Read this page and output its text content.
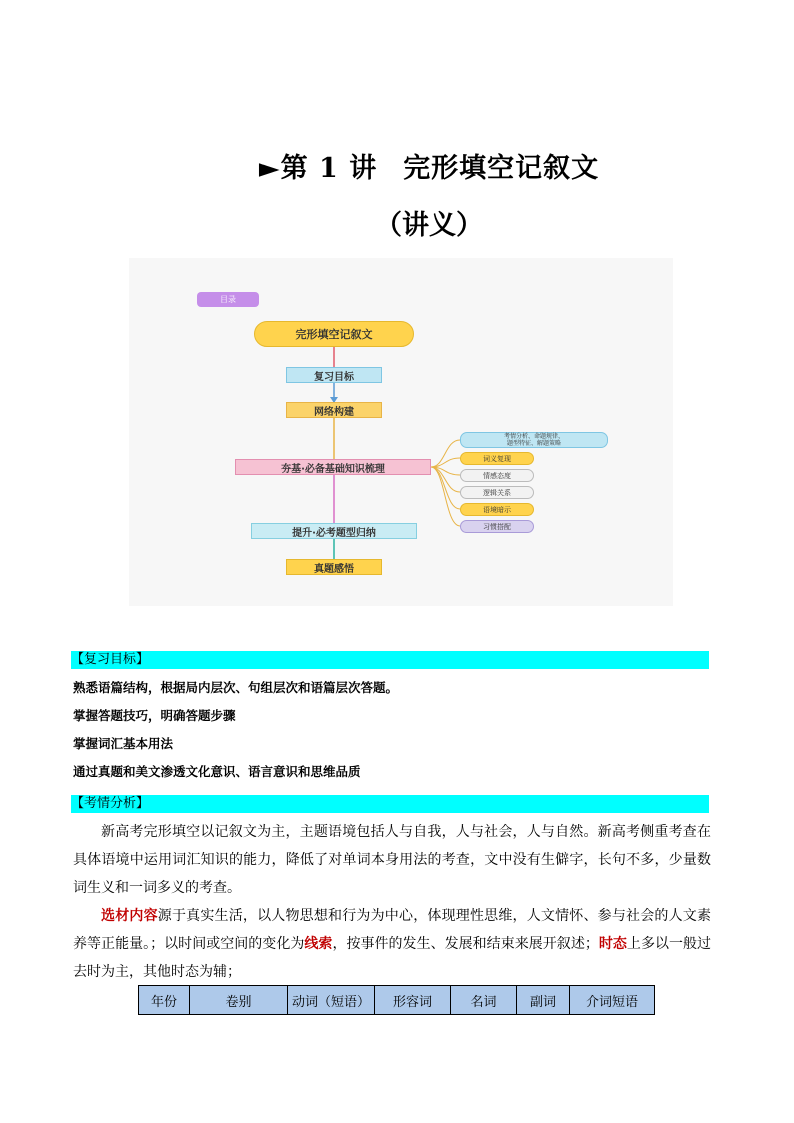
►第 1 讲 完形填空记叙文
（讲义）
目录
完形填空记叙文
复习目标
网络构建
夯基·必备基础知识梳理
提升·必考题型归纳
真题感悟
考情分析、命题规律、
题型特征、解题策略
词义复现
情感态度
逻辑关系
语境暗示
习惯搭配
【复习目标】
熟悉语篇结构，根据局内层次、句组层次和语篇层次答题。
掌握答题技巧，明确答题步骤
掌握词汇基本用法
通过真题和美文渗透文化意识、语言意识和思维品质
【考情分析】
新高考完形填空以记叙文为主，主题语境包括人与自我，人与社会，人与自然。新高考侧重考查在具体语境中运用词汇知识的能力，降低了对单词本身用法的考查，文中没有生僻字，长句不多，少量数词生义和一词多义的考查。
选材内容源于真实生活，以人物思想和行为为中心，体现理性思维，人文情怀、参与社会的人文素养等正能量。；以时间或空间的变化为线索，按事件的发生、发展和结束来展开叙述；时态上多以一般过去时为主，其他时态为辅；
年份	卷别	动词（短语）	形容词	名词	副词	介词短语
